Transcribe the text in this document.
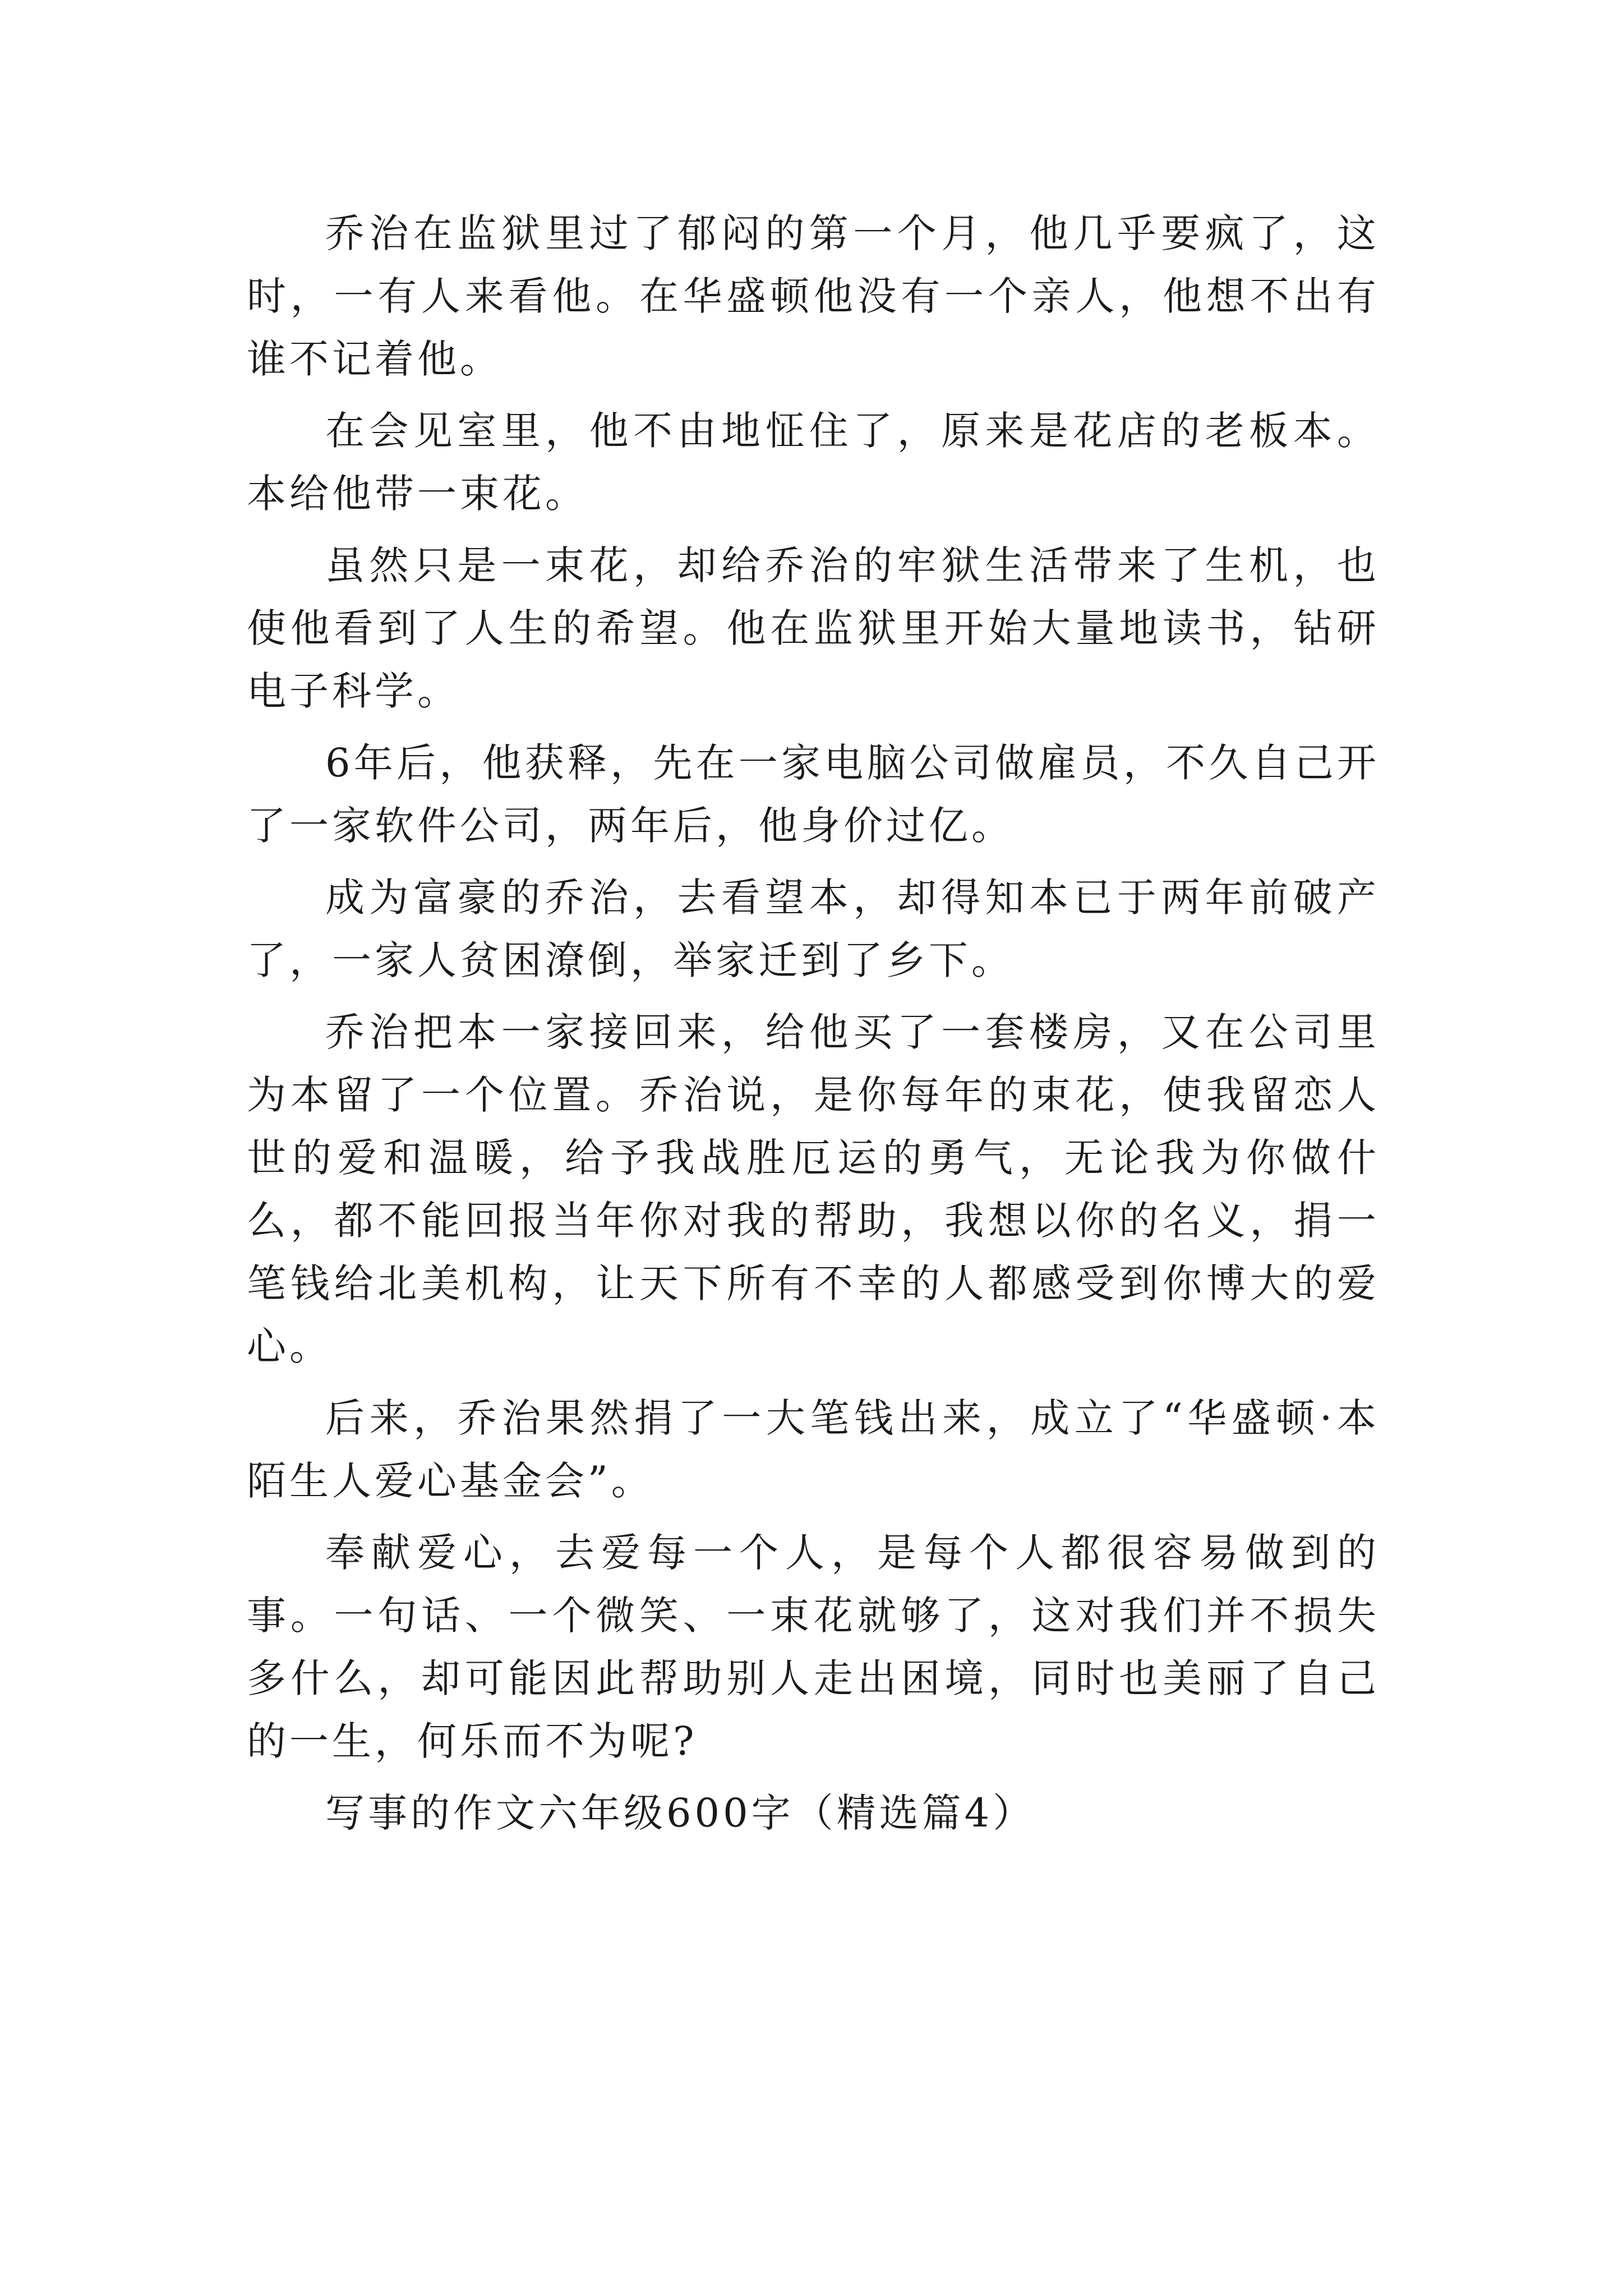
乔治在监狱里过了郁闷的第一个月，他几乎要疯了，这时，一有人来看他。在华盛顿他没有一个亲人，他想不出有谁不记着他。

在会见室里，他不由地怔住了，原来是花店的老板本。本给他带一束花。

虽然只是一束花，却给乔治的牢狱生活带来了生机，也使他看到了人生的希望。他在监狱里开始大量地读书，钻研电子科学。

6年后，他获释，先在一家电脑公司做雇员，不久自己开了一家软件公司，两年后，他身价过亿。

成为富豪的乔治，去看望本，却得知本已于两年前破产了，一家人贫困潦倒，举家迁到了乡下。

乔治把本一家接回来，给他买了一套楼房，又在公司里为本留了一个位置。乔治说，是你每年的束花，使我留恋人世的爱和温暖，给予我战胜厄运的勇气，无论我为你做什么，都不能回报当年你对我的帮助，我想以你的名义，捐一笔钱给北美机构，让天下所有不幸的人都感受到你博大的爱心。

后来，乔治果然捐了一大笔钱出来，成立了“华盛顿·本陌生人爱心基金会”。

奉献爱心，去爱每一个人，是每个人都很容易做到的事。一句话、一个微笑、一束花就够了，这对我们并不损失多什么，却可能因此帮助别人走出困境，同时也美丽了自己的一生，何乐而不为呢?

写事的作文六年级600字（精选篇4）
